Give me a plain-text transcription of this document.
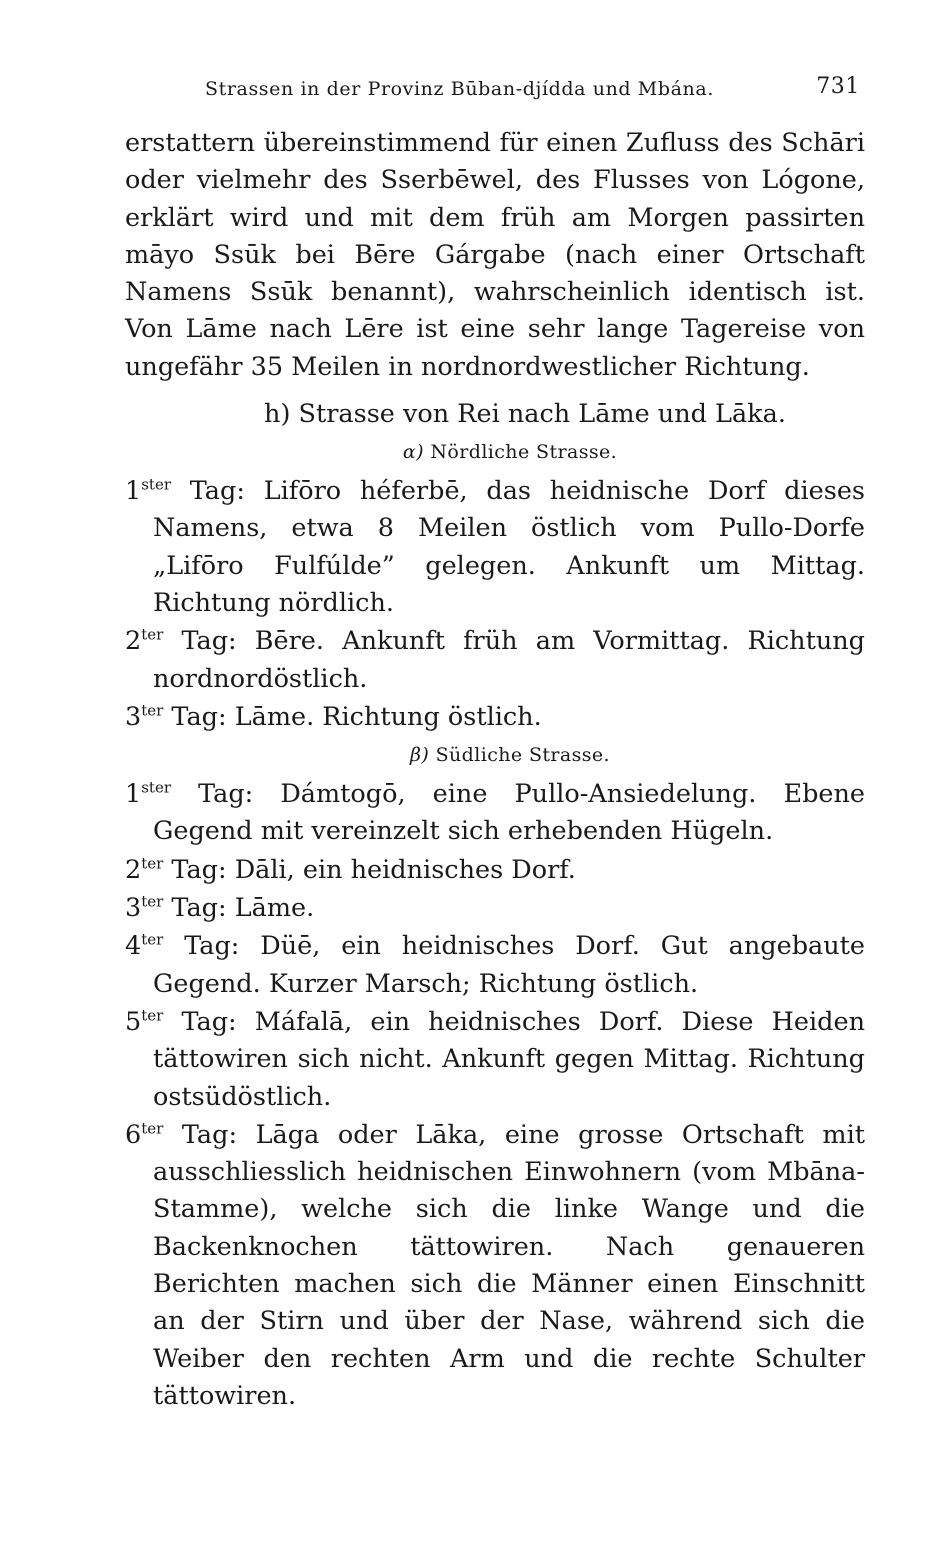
Strassen in der Provinz Būban-djídda und Mbána.	731

erstattern übereinstimmend für einen Zufluss des Schāri oder vielmehr des Sserbēwel, des Flusses von Lógone, erklärt wird und mit dem früh am Morgen passirten māyo Ssūk bei Bēre Gárgabe (nach einer Ortschaft Namens Ssūk benannt), wahrscheinlich identisch ist. Von Lāme nach Lēre ist eine sehr lange Tagereise von ungefähr 35 Meilen in nordnordwestlicher Richtung.

h) Strasse von Rei nach Lāme und Lāka.
α) Nördliche Strasse.

$1^{ster}$ Tag: Lifōro héferbē, das heidnische Dorf dieses Namens, etwa 8 Meilen östlich vom Pullo-Dorfe „Lifōro Fulfúlde” gelegen. Ankunft um Mittag. Richtung nördlich.

$2^{ter}$ Tag: Bēre. Ankunft früh am Vormittag. Richtung nordnordöstlich.

$3^{ter}$ Tag: Lāme. Richtung östlich.

β) Südliche Strasse.

$1^{ster}$ Tag: Dámtogō, eine Pullo-Ansiedelung. Ebene Gegend mit vereinzelt sich erhebenden Hügeln.

$2^{ter}$ Tag: Dāli, ein heidnisches Dorf.

$3^{ter}$ Tag: Lāme.

$4^{ter}$ Tag: Düē, ein heidnisches Dorf. Gut angebaute Gegend. Kurzer Marsch; Richtung östlich.

$5^{ter}$ Tag: Máfalā, ein heidnisches Dorf. Diese Heiden tättowiren sich nicht. Ankunft gegen Mittag. Richtung ostsüdöstlich.

$6^{ter}$ Tag: Lāga oder Lāka, eine grosse Ortschaft mit ausschliesslich heidnischen Einwohnern (vom Mbāna-Stamme), welche sich die linke Wange und die Backenknochen tättowiren. Nach genaueren Berichten machen sich die Männer einen Einschnitt an der Stirn und über der Nase, während sich die Weiber den rechten Arm und die rechte Schulter tättowiren.
